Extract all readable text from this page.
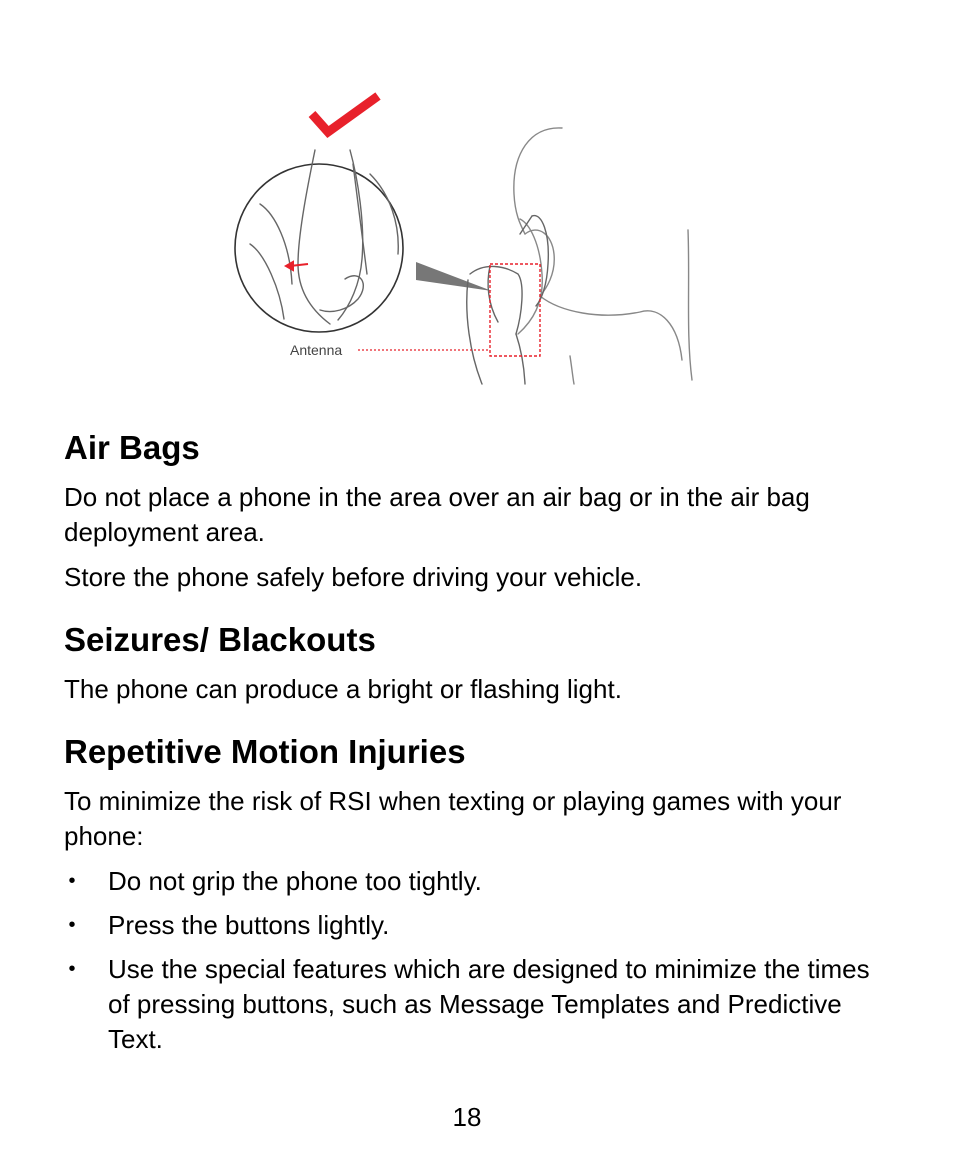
Antenna
Air Bags

Do not place a phone in the area over an air bag or in the air bag deployment area.

Store the phone safely before driving your vehicle.

Seizures/ Blackouts

The phone can produce a bright or flashing light.

Repetitive Motion Injuries

To minimize the risk of RSI when texting or playing games with your phone:

• Do not grip the phone too tightly.
• Press the buttons lightly.
• Use the special features which are designed to minimize the times of pressing buttons, such as Message Templates and Predictive Text.
18
